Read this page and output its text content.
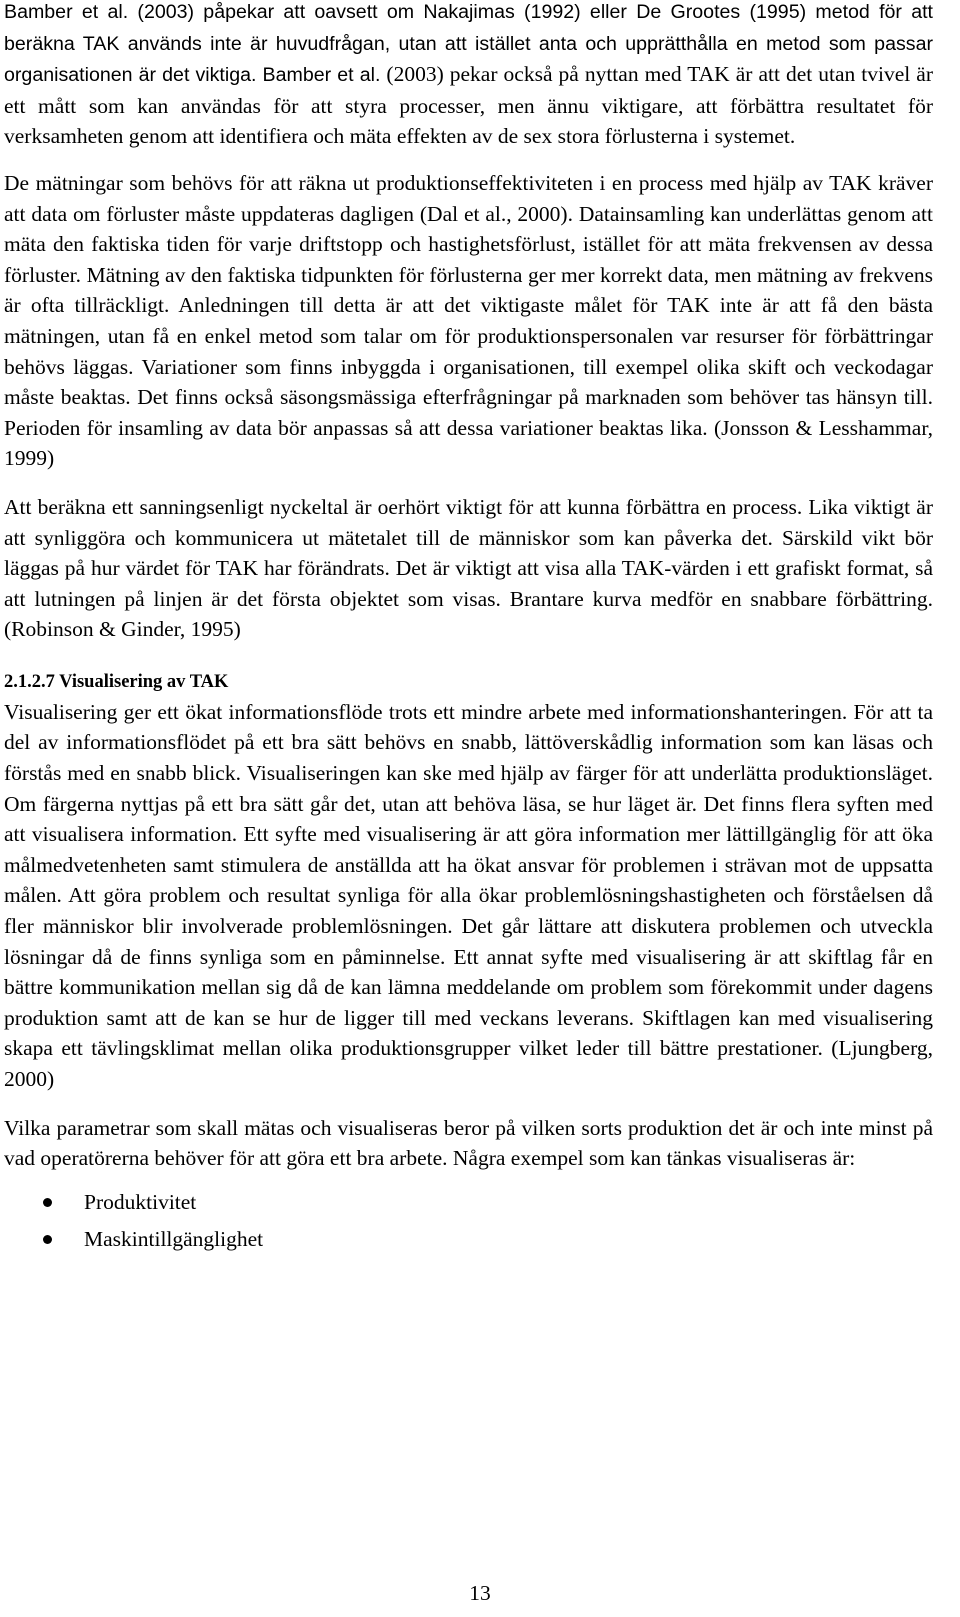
Bamber et al. (2003) påpekar att oavsett om Nakajimas (1992) eller De Grootes (1995) metod för att beräkna TAK används inte är huvudfrågan, utan att istället anta och upprätthålla en metod som passar organisationen är det viktiga. Bamber et al. (2003) pekar också på nyttan med TAK är att det utan tvivel är ett mått som kan användas för att styra processer, men ännu viktigare, att förbättra resultatet för verksamheten genom att identifiera och mäta effekten av de sex stora förlusterna i systemet.

De mätningar som behövs för att räkna ut produktionseffektiviteten i en process med hjälp av TAK kräver att data om förluster måste uppdateras dagligen (Dal et al., 2000). Datainsamling kan underlättas genom att mäta den faktiska tiden för varje driftstopp och hastighetsförlust, istället för att mäta frekvensen av dessa förluster. Mätning av den faktiska tidpunkten för förlusterna ger mer korrekt data, men mätning av frekvens är ofta tillräckligt. Anledningen till detta är att det viktigaste målet för TAK inte är att få den bästa mätningen, utan få en enkel metod som talar om för produktionspersonalen var resurser för förbättringar behövs läggas. Variationer som finns inbyggda i organisationen, till exempel olika skift och veckodagar måste beaktas. Det finns också säsongsmässiga efterfrågningar på marknaden som behöver tas hänsyn till. Perioden för insamling av data bör anpassas så att dessa variationer beaktas lika. (Jonsson & Lesshammar, 1999)

Att beräkna ett sanningsenligt nyckeltal är oerhört viktigt för att kunna förbättra en process. Lika viktigt är att synliggöra och kommunicera ut mätetalet till de människor som kan påverka det. Särskild vikt bör läggas på hur värdet för TAK har förändrats. Det är viktigt att visa alla TAK-värden i ett grafiskt format, så att lutningen på linjen är det första objektet som visas. Brantare kurva medför en snabbare förbättring. (Robinson & Ginder, 1995)

2.1.2.7 Visualisering av TAK

Visualisering ger ett ökat informationsflöde trots ett mindre arbete med informationshanteringen. För att ta del av informationsflödet på ett bra sätt behövs en snabb, lättöverskådlig information som kan läsas och förstås med en snabb blick. Visualiseringen kan ske med hjälp av färger för att underlätta produktionsläget. Om färgerna nyttjas på ett bra sätt går det, utan att behöva läsa, se hur läget är. Det finns flera syften med att visualisera information. Ett syfte med visualisering är att göra information mer lättillgänglig för att öka målmedvetenheten samt stimulera de anställda att ha ökat ansvar för problemen i strävan mot de uppsatta målen. Att göra problem och resultat synliga för alla ökar problemlösningshastigheten och förståelsen då fler människor blir involverade problemlösningen. Det går lättare att diskutera problemen och utveckla lösningar då de finns synliga som en påminnelse. Ett annat syfte med visualisering är att skiftlag får en bättre kommunikation mellan sig då de kan lämna meddelande om problem som förekommit under dagens produktion samt att de kan se hur de ligger till med veckans leverans. Skiftlagen kan med visualisering skapa ett tävlingsklimat mellan olika produktionsgrupper vilket leder till bättre prestationer. (Ljungberg, 2000)

Vilka parametrar som skall mätas och visualiseras beror på vilken sorts produktion det är och inte minst på vad operatörerna behöver för att göra ett bra arbete. Några exempel som kan tänkas visualiseras är:

Produktivitet
Maskintillgänglighet
13
